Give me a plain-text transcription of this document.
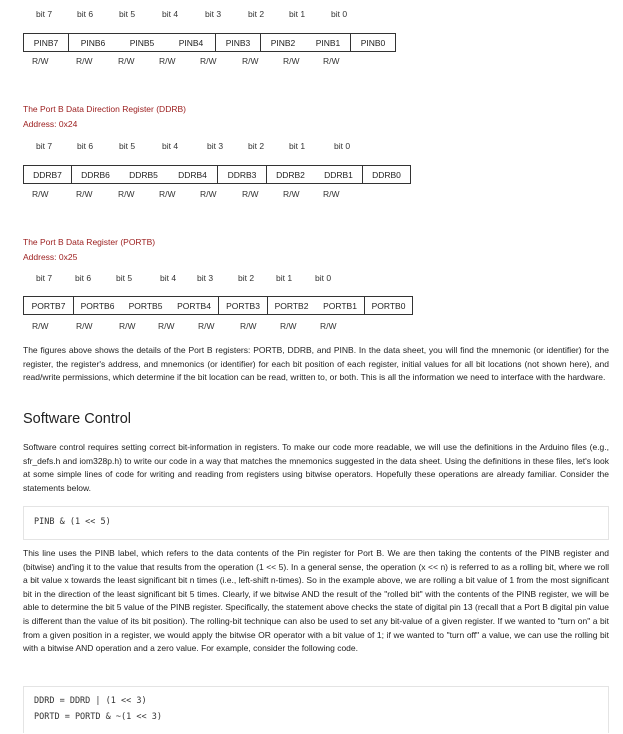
bit 7	bit 6	bit 5	bit 4	bit 3	bit 2	bit 1	bit 0
PINB7	PINB6	PINB5	PINB4	PINB3	PINB2	PINB1	PINB0
R/W	R/W	R/W	R/W	R/W	R/W	R/W	R/W
The Port B Data Direction Register (DDRB)
Address: 0x24
bit 7	bit 6	bit 5	bit 4	bit 3	bit 2	bit 1	bit 0
DDRB7	DDRB6	DDRB5	DDRB4	DDRB3	DDRB2	DDRB1	DDRB0
R/W	R/W	R/W	R/W	R/W	R/W	R/W	R/W
The Port B Data Register (PORTB)
Address: 0x25
bit 7	bit 6	bit 5	bit 4 bit 3	bit 2	bit 1	bit 0
PORTB7	PORTB6	PORTB5	PORTB4	PORTB3	PORTB2	PORTB1	PORTB0
R/W	R/W	R/W	R/W	R/W	R/W	R/W	R/W
The figures above shows the details of the Port B registers: PORTB, DDRB, and PINB. In the data sheet, you will find the mnemonic (or identifier) for the register, the register's address, and mnemonics (or identifier) for each bit position of each register, initial values for all bit locations (not shown here), and read/write permissions, which determine if the bit location can be read, written to, or both. This is all the information we need to interface with the hardware.
Software Control
Software control requires setting correct bit-information in registers. To make our code more readable, we will use the definitions in the Arduino files (e.g., sfr_defs.h and iom328p.h) to write our code in a way that matches the mnemonics suggested in the data sheet. Using the definitions in these files, let's look at some simple lines of code for writing and reading from registers using bitwise operators. Hopefully these operations are already familiar. Consider the statements below.
PINB & (1 << 5)
This line uses the PINB label, which refers to the data contents of the Pin register for Port B. We are then taking the contents of the PINB register and (bitwise) and'ing it to the value that results from the operation (1 << 5). In a general sense, the operation (x << n) is referred to as a rolling bit, where we roll a bit value x towards the least significant bit n times (i.e., left-shift n-times). So in the example above, we are rolling a bit value of 1 from the most significant bit in the direction of the least significant bit 5 times. Clearly, if we bitwise AND the result of the "rolled bit" with the contents of the PINB register, we will be able to determine the bit 5 value of the PINB register. Specifically, the statement above checks the state of digital pin 13 (recall that a Port B digital pin value is different than the value of its bit position). The rolling-bit technique can also be used to set any bit-value of a given register. If we wanted to "turn on" a bit from a given position in a register, we would apply the bitwise OR operator with a bit value of 1; if we wanted to "turn off" a value, we can use the rolling bit with a bitwise AND operation and a zero value. For example, consider the following code.
DDRD = DDRD | (1 << 3)
PORTD = PORTD & ~(1 << 3)
